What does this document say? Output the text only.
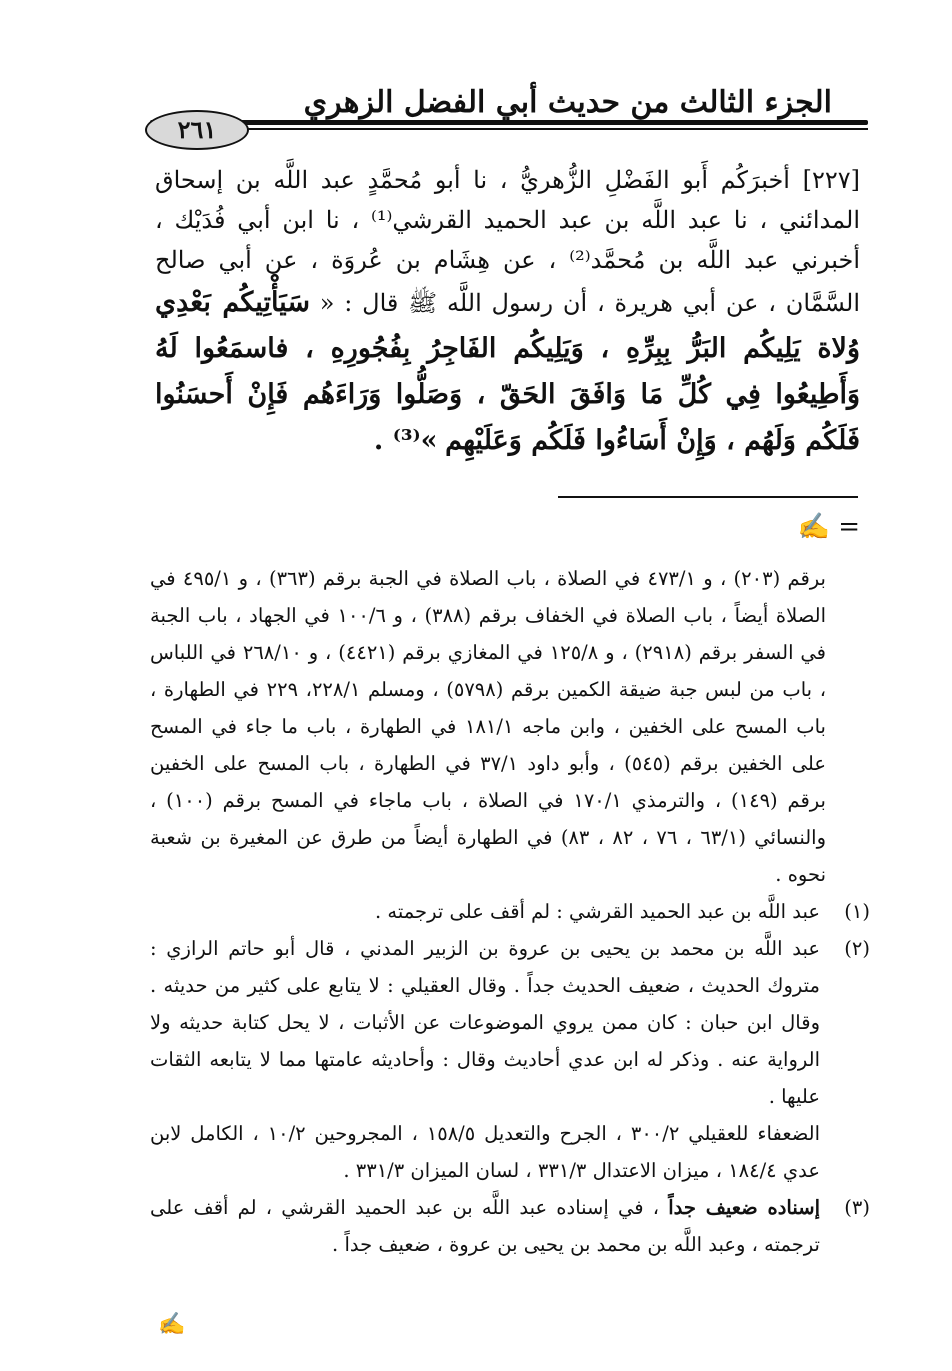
الجزء الثالث من حديث أبي الفضل الزهري
٢٦١
[٢٢٧] أخبرَكُم أَبو الفَضْلِ الزُّهريُّ ، نا أبو مُحمَّدٍ عبد اللَّه بن إسحاق المدائني ، نا عبد اللَّه بن عبد الحميد القرشي⁽¹⁾ ، نا ابن أبي فُدَيْك ، أخبرني عبد اللَّه بن مُحمَّد⁽²⁾ ، عن هِشَام بن عُروَة ، عن أبي صالح السَّمَّان ، عن أبي هريرة ، أن رسول اللَّه ﷺ قال : « سَيَأْتِيكُم بَعْدِي وُلاة يَلِيكُم البَرُّ بِبِرِّهِ ، وَيَلِيكُم الفَاجِرُ بِفُجُورِهِ ، فاسمَعُوا لَهُ وَأَطِيعُوا فِي كُلِّ مَا وَافَقَ الحَقّ ، وَصَلُّوا وَرَاءَهُم فَإِنْ أَحسَنُوا فَلَكُم وَلَهُم ، وَإِنْ أَسَاءُوا فَلَكُم وَعَلَيْهِم »⁽³⁾ .
= ✍

برقم (٢٠٣) ، و ٤٧٣/١ في الصلاة ، باب الصلاة في الجبة برقم (٣٦٣) ، و ٤٩٥/١ في الصلاة أيضاً ، باب الصلاة في الخفاف برقم (٣٨٨) ، و ١٠٠/٦ في الجهاد ، باب الجبة في السفر برقم (٢٩١٨) ، و ١٢٥/٨ في المغازي برقم (٤٤٢١) ، و ٢٦٨/١٠ في اللباس ، باب من لبس جبة ضيقة الكمين برقم (٥٧٩٨) ، ومسلم ٢٢٨/١، ٢٢٩ في الطهارة ، باب المسح على الخفين ، وابن ماجه ١٨١/١ في الطهارة ، باب ما جاء في المسح على الخفين برقم (٥٤٥) ، وأبو داود ٣٧/١ في الطهارة ، باب المسح على الخفين برقم (١٤٩) ، والترمذي ١٧٠/١ في الصلاة ، باب ماجاء في المسح برقم (١٠٠) ، والنسائي (٦٣/١ ، ٧٦ ، ٨٢ ، ٨٣) في الطهارة أيضاً من طرق عن المغيرة بن شعبة نحوه .

(١)
عبد اللَّه بن عبد الحميد القرشي : لم أقف على ترجمته .

(٢)
عبد اللَّه بن محمد بن يحيى بن عروة بن الزبير المدني ، قال أبو حاتم الرازي : متروك الحديث ، ضعيف الحديث جداً . وقال العقيلي : لا يتابع على كثير من حديثه . وقال ابن حبان : كان ممن يروي الموضوعات عن الأثبات ، لا يحل كتابة حديثه ولا الرواية عنه . وذكر له ابن عدي أحاديث وقال : وأحاديثه عامتها مما لا يتابعه الثقات عليها .

الضعفاء للعقيلي ٣٠٠/٢ ، الجرح والتعديل ١٥٨/٥ ، المجروحين ١٠/٢ ، الكامل لابن عدي ١٨٤/٤ ، ميزان الاعتدال ٣٣١/٣ ، لسان الميزان ٣٣١/٣ .

(٣)
إسناده ضعيف جداً ، في إسناده عبد اللَّه بن عبد الحميد القرشي ، لم أقف على ترجمته ، وعبد اللَّه بن محمد بن يحيى بن عروة ، ضعيف جداً .

✍
